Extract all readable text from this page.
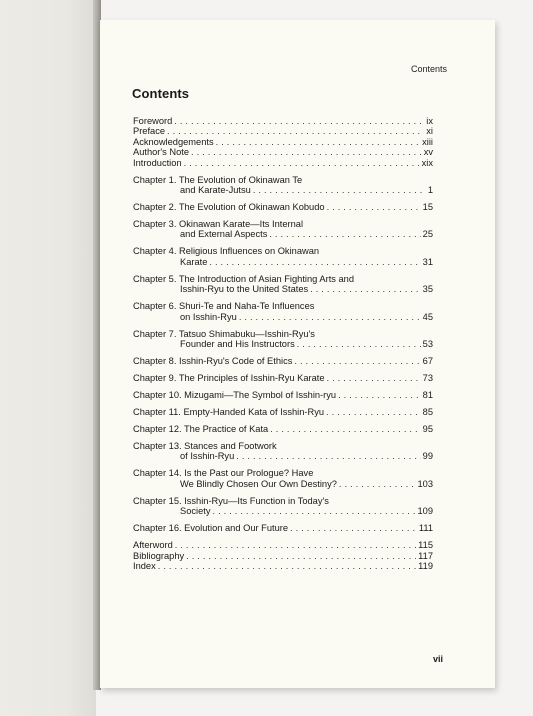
Contents
Contents
Foreword . . .	ix
Preface . . .	xi
Acknowledgements . . .	xiii
Author's Note . . .	xv
Introduction . . .	xix
Chapter 1. The Evolution of Okinawan Te
and Karate-Jutsu . . .	1
Chapter 2. The Evolution of Okinawan Kobudo . . .	15
Chapter 3. Okinawan Karate—Its Internal
and External Aspects . . .	25
Chapter 4. Religious Influences on Okinawan
Karate . . .	31
Chapter 5. The Introduction of Asian Fighting Arts and
Isshin-Ryu to the United States . . .	35
Chapter 6. Shuri-Te and Naha-Te Influences
on Isshin-Ryu . . .	45
Chapter 7. Tatsuo Shimabuku—Isshin-Ryu's
Founder and His Instructors . . .	53
Chapter 8. Isshin-Ryu's Code of Ethics . . .	67
Chapter 9. The Principles of Isshin-Ryu Karate . . .	73
Chapter 10. Mizugami—The Symbol of Isshin-ryu . . .	81
Chapter 11. Empty-Handed Kata of Isshin-Ryu . . .	85
Chapter 12. The Practice of Kata . . .	95
Chapter 13. Stances and Footwork
of Isshin-Ryu . . .	99
Chapter 14. Is the Past our Prologue? Have
We Blindly Chosen Our Own Destiny? . . .	103
Chapter 15. Isshin-Ryu—Its Function in Today's
Society . . .	109
Chapter 16. Evolution and Our Future . . .	111
Afterword . . .	115
Bibliography . . .	117
Index . . .	119
vii
